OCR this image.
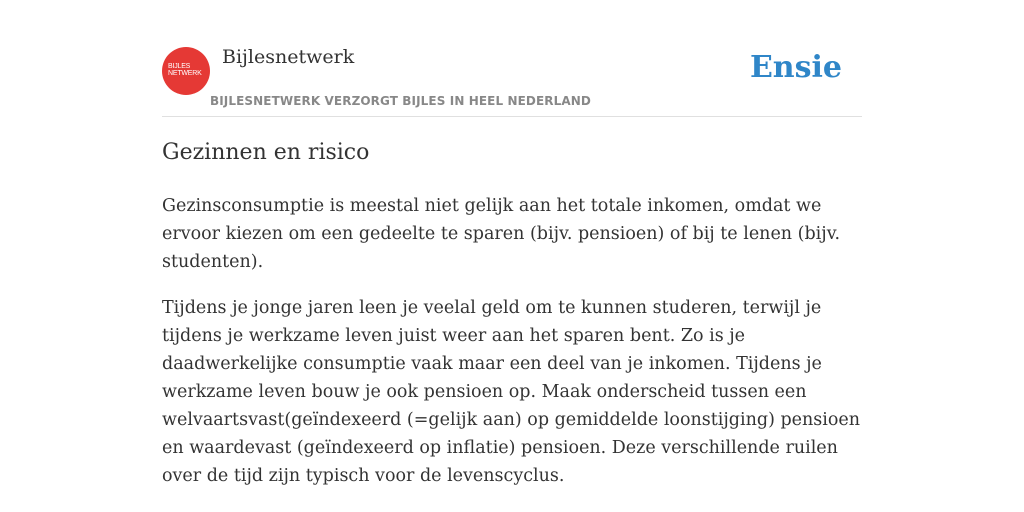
BIJLES
NETWERK
Bijlesnetwerk
BIJLESNETWERK VERZORGT BIJLES IN HEEL NEDERLAND
Ensie
Gezinnen en risico

Gezinsconsumptie is meestal niet gelijk aan het totale inkomen, omdat we ervoor kiezen om een gedeelte te sparen (bijv. pensioen) of bij te lenen (bijv. studenten).

Tijdens je jonge jaren leen je veelal geld om te kunnen studeren, terwijl je tijdens je werkzame leven juist weer aan het sparen bent. Zo is je daadwerkelijke consumptie vaak maar een deel van je inkomen. Tijdens je werkzame leven bouw je ook pensioen op. Maak onderscheid tussen een welvaartsvast(geïndexeerd (=gelijk aan) op gemiddelde loonstijging) pensioen en waardevast (geïndexeerd op inflatie) pensioen. Deze verschillende ruilen over de tijd zijn typisch voor de levenscyclus.
